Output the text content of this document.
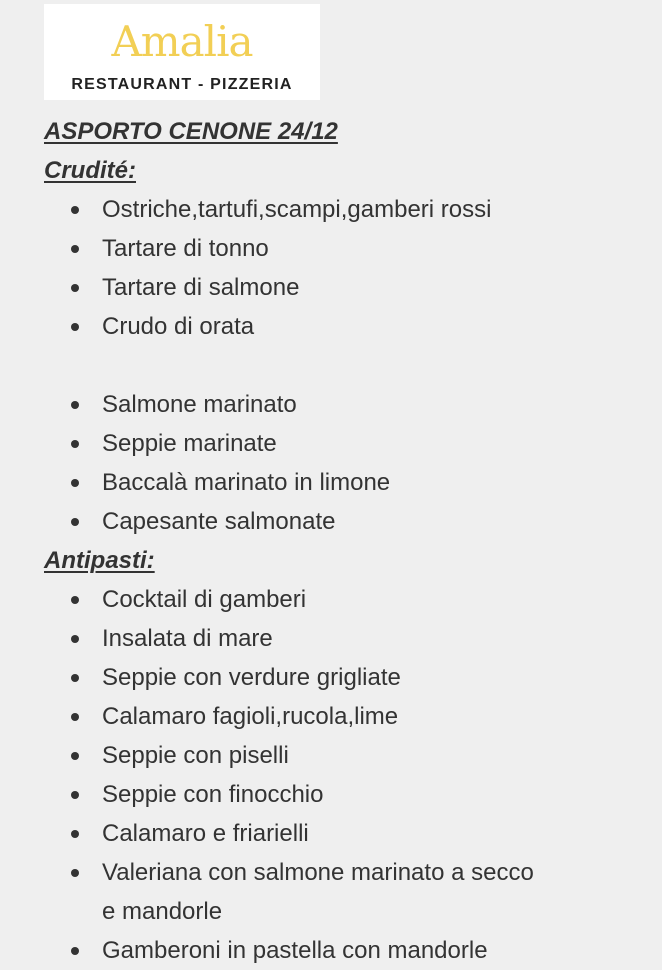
Amalia
RESTAURANT - PIZZERIA
ASPORTO CENONE 24/12
Crudité:
Ostriche,tartufi,scampi,gamberi rossi
Tartare di tonno
Tartare di salmone
Crudo di orata
Salmone marinato
Seppie marinate
Baccalà marinato in limone
Capesante salmonate
Antipasti:
Cocktail di gamberi
Insalata di mare
Seppie con verdure grigliate
Calamaro fagioli,rucola,lime
Seppie con piselli
Seppie con finocchio
Calamaro e friarielli
Valeriana con salmone marinato a secco e mandorle
Gamberoni in pastella con mandorle
